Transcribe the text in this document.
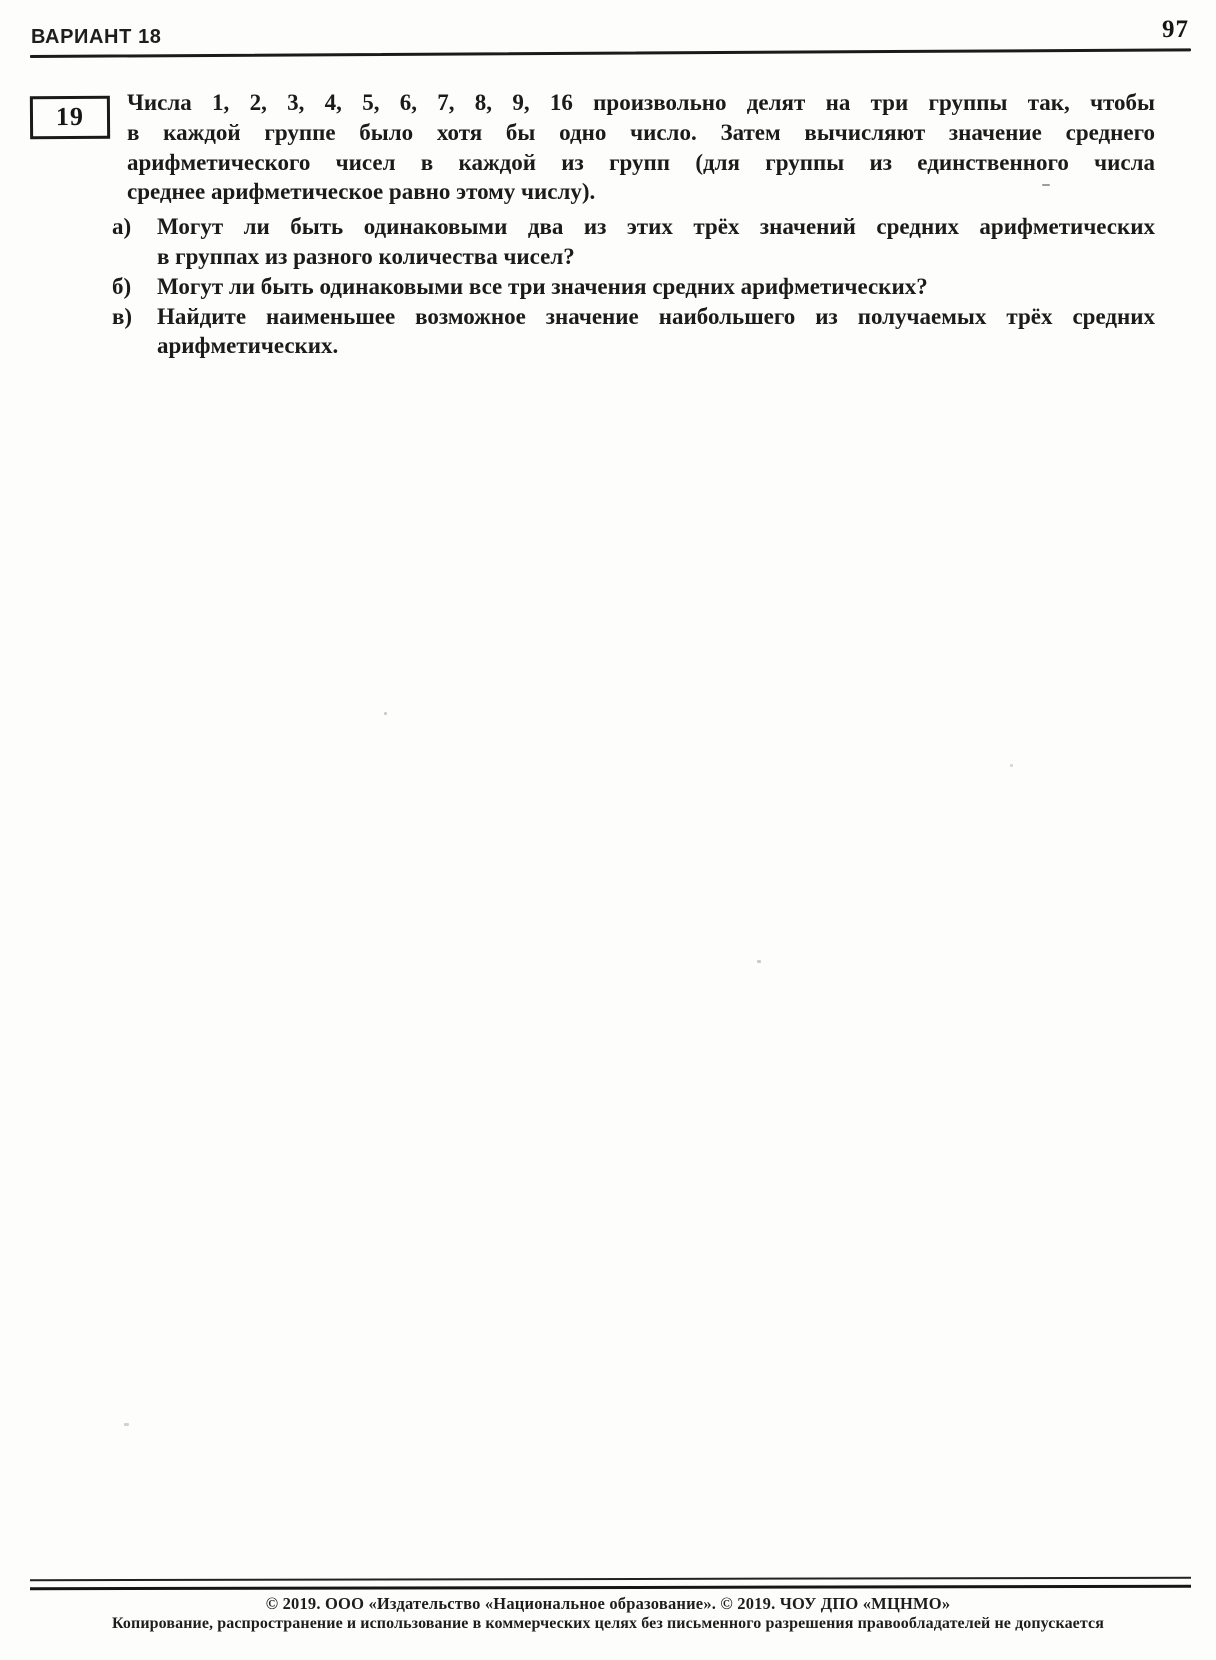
ВАРИАНТ 18	97
19 Числа 1, 2, 3, 4, 5, 6, 7, 8, 9, 16 произвольно делят на три группы так, чтобы
в каждой группе было хотя бы одно число. Затем вычисляют значение среднего
арифметического чисел в каждой из групп (для группы из единственного числа
среднее арифметическое равно этому числу).
а)	Могут ли быть одинаковыми два из этих трёх значений средних арифметических
в группах из разного количества чисел?
б)	Могут ли быть одинаковыми все три значения средних арифметических?
в)	Найдите наименьшее возможное значение наибольшего из получаемых трёх средних
арифметических.
© 2019. ООО «Издательство «Национальное образование». © 2019. ЧОУ ДПО «МЦНМО»
Копирование, распространение и использование в коммерческих целях без письменного разрешения правообладателей не допускается
